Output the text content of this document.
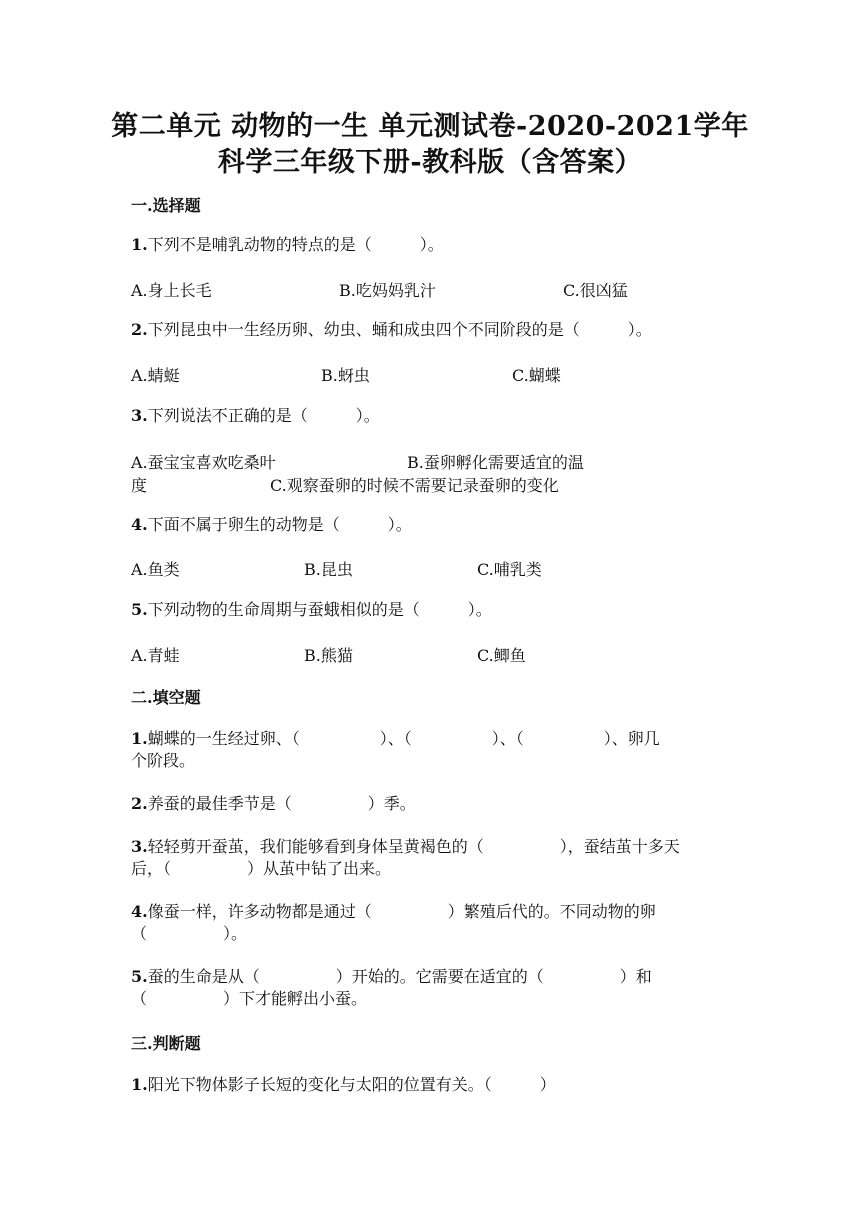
第二单元 动物的一生 单元测试卷-2020-2021学年
科学三年级下册-教科版（含答案）
一.选择题
1.下列不是哺乳动物的特点的是（　　　）。
A.身上长毛	B.吃妈妈乳汁	C.很凶猛
2.下列昆虫中一生经历卵、幼虫、蛹和成虫四个不同阶段的是（　　　）。
A.蜻蜓	B.蚜虫	C.蝴蝶
3.下列说法不正确的是（　　　）。
A.蚕宝宝喜欢吃桑叶	B.蚕卵孵化需要适宜的温
度	C.观察蚕卵的时候不需要记录蚕卵的变化
4.下面不属于卵生的动物是（　　　）。
A.鱼类	B.昆虫	C.哺乳类
5.下列动物的生命周期与蚕蛾相似的是（　　　）。
A.青蛙	B.熊猫	C.鲫鱼
二.填空题
1.蝴蝶的一生经过卵、（	）、（	）、（	）、卵几
个阶段。
2.养蚕的最佳季节是（	）季。
3.轻轻剪开蚕茧，我们能够看到身体呈黄褐色的（	），蚕结茧十多天
后，（	）从茧中钻了出来。
4.像蚕一样，许多动物都是通过（	）繁殖后代的。不同动物的卵
（	）。
5.蚕的生命是从（	）开始的。它需要在适宜的（	）和
（	）下才能孵出小蚕。
三.判断题
1.阳光下物体影子长短的变化与太阳的位置有关。（　　　）
